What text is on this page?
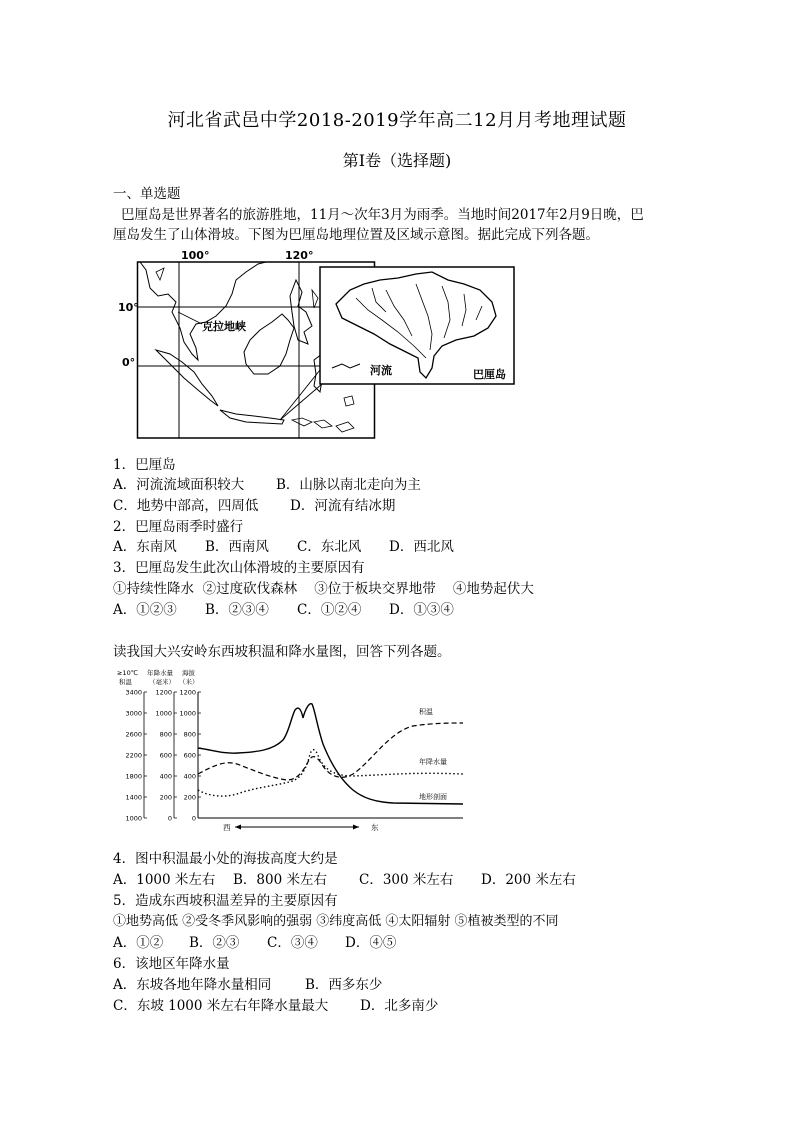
河北省武邑中学2018-2019学年高二12月月考地理试题
第I卷（选择题)
一、单选题
巴厘岛是世界著名的旅游胜地，11月～次年3月为雨季。当地时间2017年2月9日晚，巴
厘岛发生了山体滑坡。下图为巴厘岛地理位置及区域示意图。据此完成下列各题。
100°	120°
10°
0°
克拉地峡
河流	巴厘岛
1．巴厘岛
A．河流流域面积较大 B．山脉以南北走向为主
C．地势中部高，四周低 D．河流有结冰期
2．巴厘岛雨季时盛行
A．东南风 B．西南风 C．东北风 D．西北风
3．巴厘岛发生此次山体滑坡的主要原因有
①持续性降水  ②过度砍伐森林    ③位于板块交界地带    ④地势起伏大
A．①②③ B．②③④ C．①②④ D．①③④
读我国大兴安岭东西坡积温和降水量图，回答下列各题。
≥10℃
积温
年降水量
（毫米）
海拔
（米）
3400
3000
2600
2200
1800
1400
1000
1200
1000
800
600
400
200
0
1200
1000
800
600
400
200
0
积温
年降水量
地形剖面
西	东
4．图中积温最小处的海拔高度大约是
A．1000 米左右 B．800 米左右 C．300 米左右 D．200 米左右
5．造成东西坡积温差异的主要原因有
①地势高低 ②受冬季风影响的强弱 ③纬度高低 ④太阳辐射 ⑤植被类型的不同
A．①② B．②③ C．③④ D．④⑤
6．该地区年降水量
A．东坡各地年降水量相同	B．西多东少
C．东坡 1000 米左右年降水量最大 D．北多南少
